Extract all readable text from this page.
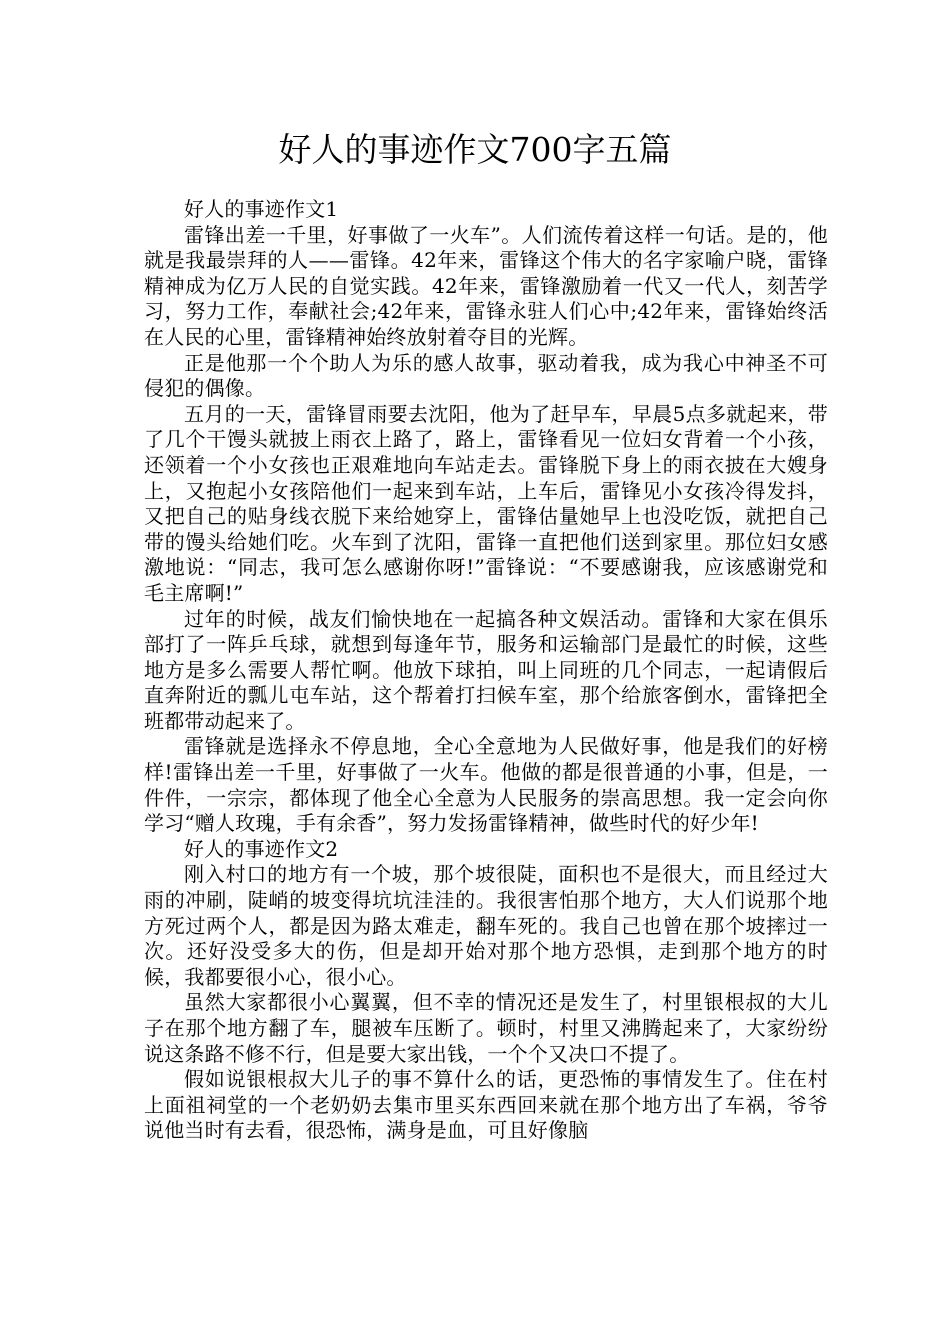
好人的事迹作文700字五篇

好人的事迹作文1

雷锋出差一千里，好事做了一火车”。人们流传着这样一句话。是的，他就是我最崇拜的人——雷锋。42年来，雷锋这个伟大的名字家喻户晓，雷锋精神成为亿万人民的自觉实践。42年来，雷锋激励着一代又一代人，刻苦学习，努力工作，奉献社会;42年来，雷锋永驻人们心中;42年来，雷锋始终活在人民的心里，雷锋精神始终放射着夺目的光辉。

正是他那一个个助人为乐的感人故事，驱动着我，成为我心中神圣不可侵犯的偶像。

五月的一天，雷锋冒雨要去沈阳，他为了赶早车，早晨5点多就起来，带了几个干馒头就披上雨衣上路了，路上，雷锋看见一位妇女背着一个小孩，还领着一个小女孩也正艰难地向车站走去。雷锋脱下身上的雨衣披在大嫂身上，又抱起小女孩陪他们一起来到车站，上车后，雷锋见小女孩冷得发抖，又把自己的贴身线衣脱下来给她穿上，雷锋估量她早上也没吃饭，就把自己带的馒头给她们吃。火车到了沈阳，雷锋一直把他们送到家里。那位妇女感激地说：“同志，我可怎么感谢你呀!”雷锋说：“不要感谢我，应该感谢党和毛主席啊!”

过年的时候，战友们愉快地在一起搞各种文娱活动。雷锋和大家在俱乐部打了一阵乒乓球，就想到每逢年节，服务和运输部门是最忙的时候，这些地方是多么需要人帮忙啊。他放下球拍，叫上同班的几个同志，一起请假后直奔附近的瓢儿屯车站，这个帮着打扫候车室，那个给旅客倒水，雷锋把全班都带动起来了。

雷锋就是选择永不停息地，全心全意地为人民做好事，他是我们的好榜样!雷锋出差一千里，好事做了一火车。他做的都是很普通的小事，但是，一件件，一宗宗，都体现了他全心全意为人民服务的崇高思想。我一定会向你学习“赠人玫瑰，手有余香”，努力发扬雷锋精神，做些时代的好少年!

好人的事迹作文2

刚入村口的地方有一个坡，那个坡很陡，面积也不是很大，而且经过大雨的冲刷，陡峭的坡变得坑坑洼洼的。我很害怕那个地方，大人们说那个地方死过两个人，都是因为路太难走，翻车死的。我自己也曾在那个坡摔过一次。还好没受多大的伤，但是却开始对那个地方恐惧，走到那个地方的时候，我都要很小心，很小心。

虽然大家都很小心翼翼，但不幸的情况还是发生了，村里银根叔的大儿子在那个地方翻了车，腿被车压断了。顿时，村里又沸腾起来了，大家纷纷说这条路不修不行，但是要大家出钱，一个个又决口不提了。

假如说银根叔大儿子的事不算什么的话，更恐怖的事情发生了。住在村上面祖祠堂的一个老奶奶去集市里买东西回来就在那个地方出了车祸，爷爷说他当时有去看，很恐怖，满身是血，可且好像脑
